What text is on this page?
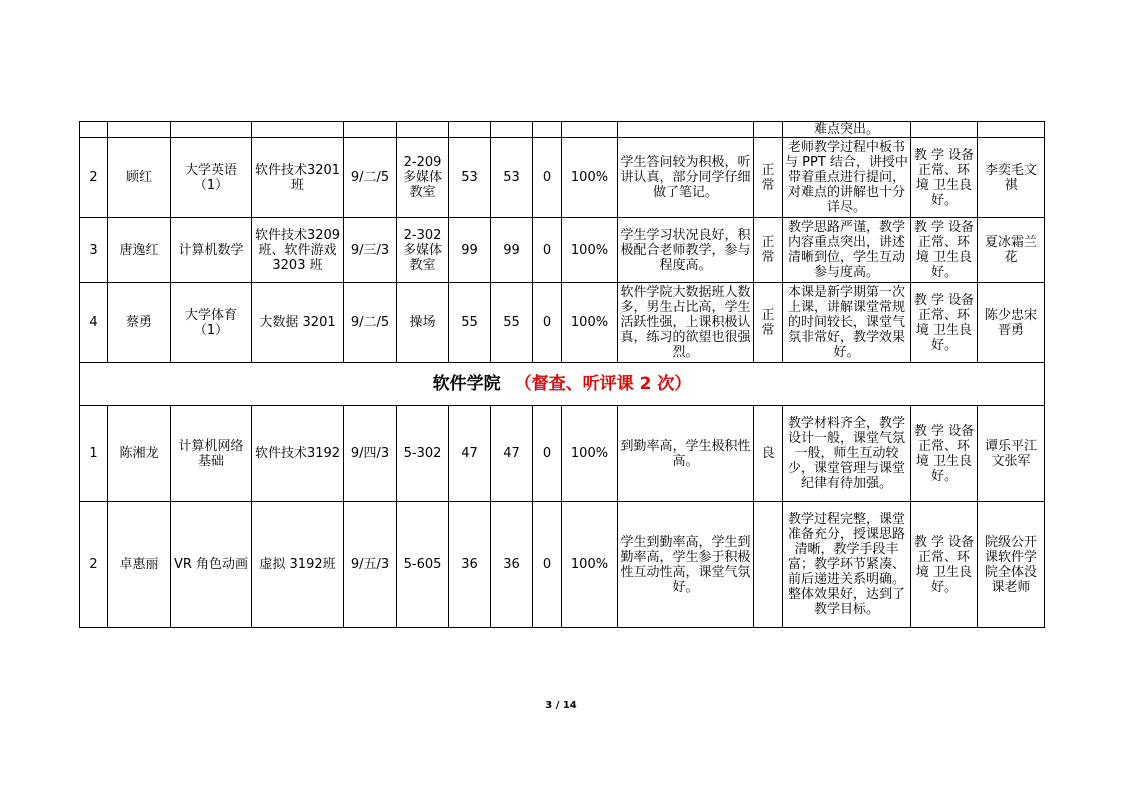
												难点突出。		
2	顾红	大学英语（1）	软件技术3201 班	9/二/5	2-209多媒体教室	53	53	0	100%	学生答问较为积极，听讲认真，部分同学仔细做了笔记。	正常	老师教学过程中板书与 PPT 结合，讲授中带着重点进行提问，对难点的讲解也十分详尽。	教 学 设备正常、环 境 卫生良好。	李奕毛文祺
3	唐逸红	计算机数学	软件技术3209 班、软件游戏 3203 班	9/三/3	2-302多媒体教室	99	99	0	100%	学生学习状况良好，积极配合老师教学，参与程度高。	正常	教学思路严谨，教学内容重点突出，讲述清晰到位，学生互动参与度高。	教 学 设备正常、环 境 卫生良好。	夏冰霜兰花
4	蔡勇	大学体育（1）	大数据 3201	9/二/5	操场	55	55	0	100%	软件学院大数据班人数多，男生占比高，学生活跃性强，上课积极认真，练习的欲望也很强烈。	正常	本课是新学期第一次上课，讲解课堂常规的时间较长，课堂气氛非常好，教学效果好。	教 学 设备正常、环 境 卫生良好。	陈少忠宋晋勇
软件学院 （督查、听评课 2 次）														
1	陈湘龙	计算机网络基础	软件技术3192	9/四/3	5-302	47	47	0	100%	到勤率高，学生极积性高。	良	教学材料齐全，教学设计一般，课堂气氛一般，师生互动较少，课堂管理与课堂纪律有待加强。	教 学 设备正常、环 境 卫生良好。	谭乐平江文张军
2	卓惠丽	VR 角色动画	虚拟 3192班	9/五/3	5-605	36	36	0	100%	学生到勤率高，学生到勤率高，学生参于积极性互动性高，课堂气氛好。		教学过程完整，课堂准备充分，授课思路清晰，教学手段丰富；教学环节紧凑、前后递进关系明确。整体效果好，达到了教学目标。	教 学 设备正常、环 境 卫生良好。	院级公开课软件学院全体没课老师
3 / 14
